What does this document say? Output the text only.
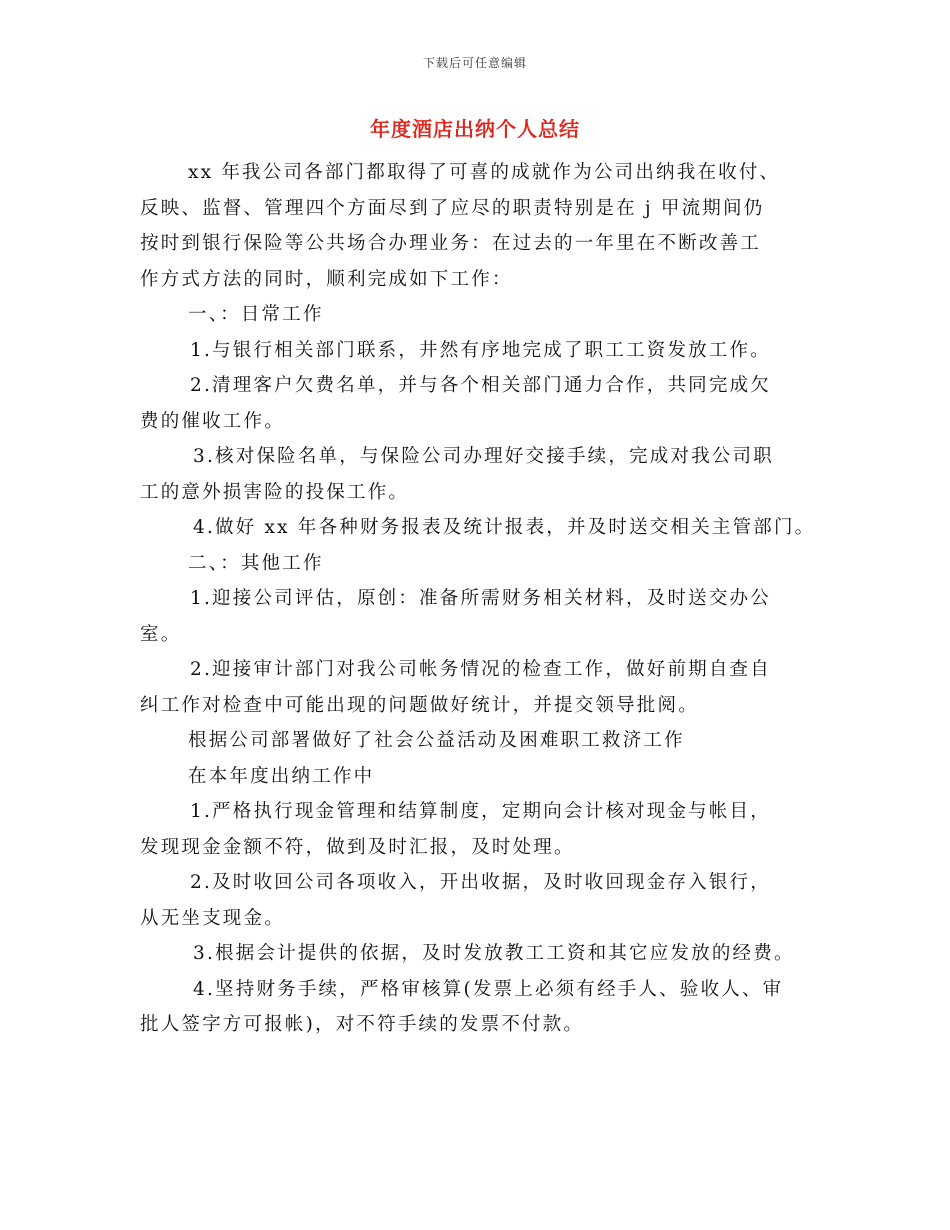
下载后可任意编辑
年度酒店出纳个人总结

xx 年我公司各部门都取得了可喜的成就作为公司出纳我在收付、

反映、监督、管理四个方面尽到了应尽的职责特别是在 j 甲流期间仍

按时到银行保险等公共场合办理业务：在过去的一年里在不断改善工

作方式方法的同时，顺利完成如下工作：

一、：日常工作

1.与银行相关部门联系，井然有序地完成了职工工资发放工作。

2.清理客户欠费名单，并与各个相关部门通力合作，共同完成欠

费的催收工作。

3.核对保险名单，与保险公司办理好交接手续，完成对我公司职

工的意外损害险的投保工作。

4.做好 xx 年各种财务报表及统计报表，并及时送交相关主管部门。

二、：其他工作

1.迎接公司评估，原创：准备所需财务相关材料，及时送交办公

室。

2.迎接审计部门对我公司帐务情况的检查工作，做好前期自查自

纠工作对检查中可能出现的问题做好统计，并提交领导批阅。

根据公司部署做好了社会公益活动及困难职工救济工作

在本年度出纳工作中

1.严格执行现金管理和结算制度，定期向会计核对现金与帐目，

发现现金金额不符，做到及时汇报，及时处理。

2.及时收回公司各项收入，开出收据，及时收回现金存入银行，

从无坐支现金。

3.根据会计提供的依据，及时发放教工工资和其它应发放的经费。

4.坚持财务手续，严格审核算(发票上必须有经手人、验收人、审

批人签字方可报帐)，对不符手续的发票不付款。
